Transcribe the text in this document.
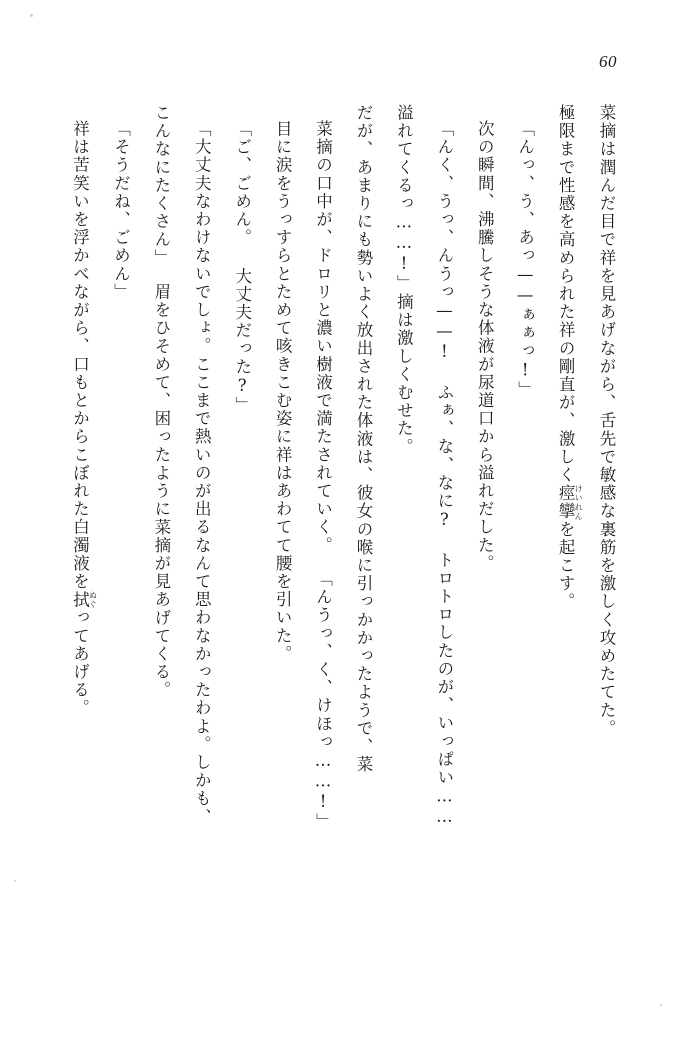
60
菜摘は潤んだ目で祥を見あげながら、舌先で敏感な裏筋を激しく攻めたてた。
極限まで性感を高められた祥の剛直が、激しく痙攣 けいれんを起こす。
「んっ、う、あっ——ぁぁっ!」
次の瞬間、沸騰しそうな体液が尿道口から溢れだした。
「んく、うっ、んうっ——! ふぁ、な、なに? トロトロしたのが、いっぱい……
溢れてくるっ……!」
摘は激しくむせた。
だが、あまりにも勢いよく放出された体液は、彼女の喉に引っかかったようで、菜
菜摘の口中が、ドロリと濃い樹液で満たされていく。
「んうっ、く、けほっ……!」
目に涙をうっすらとためて咳きこむ姿に祥はあわてて腰を引いた。
「ご、ごめん。 大丈夫だった?」
「大丈夫なわけないでしょ。ここまで熱いのが出るなんて思わなかったわよ。しかも、
こんなにたくさん」
眉をひそめて、困ったように菜摘が見あげてくる。
「そうだね、ごめん」
祥は苦笑いを浮かべながら、口もとからこぼれた白濁液を拭 ぬぐってあげる。
